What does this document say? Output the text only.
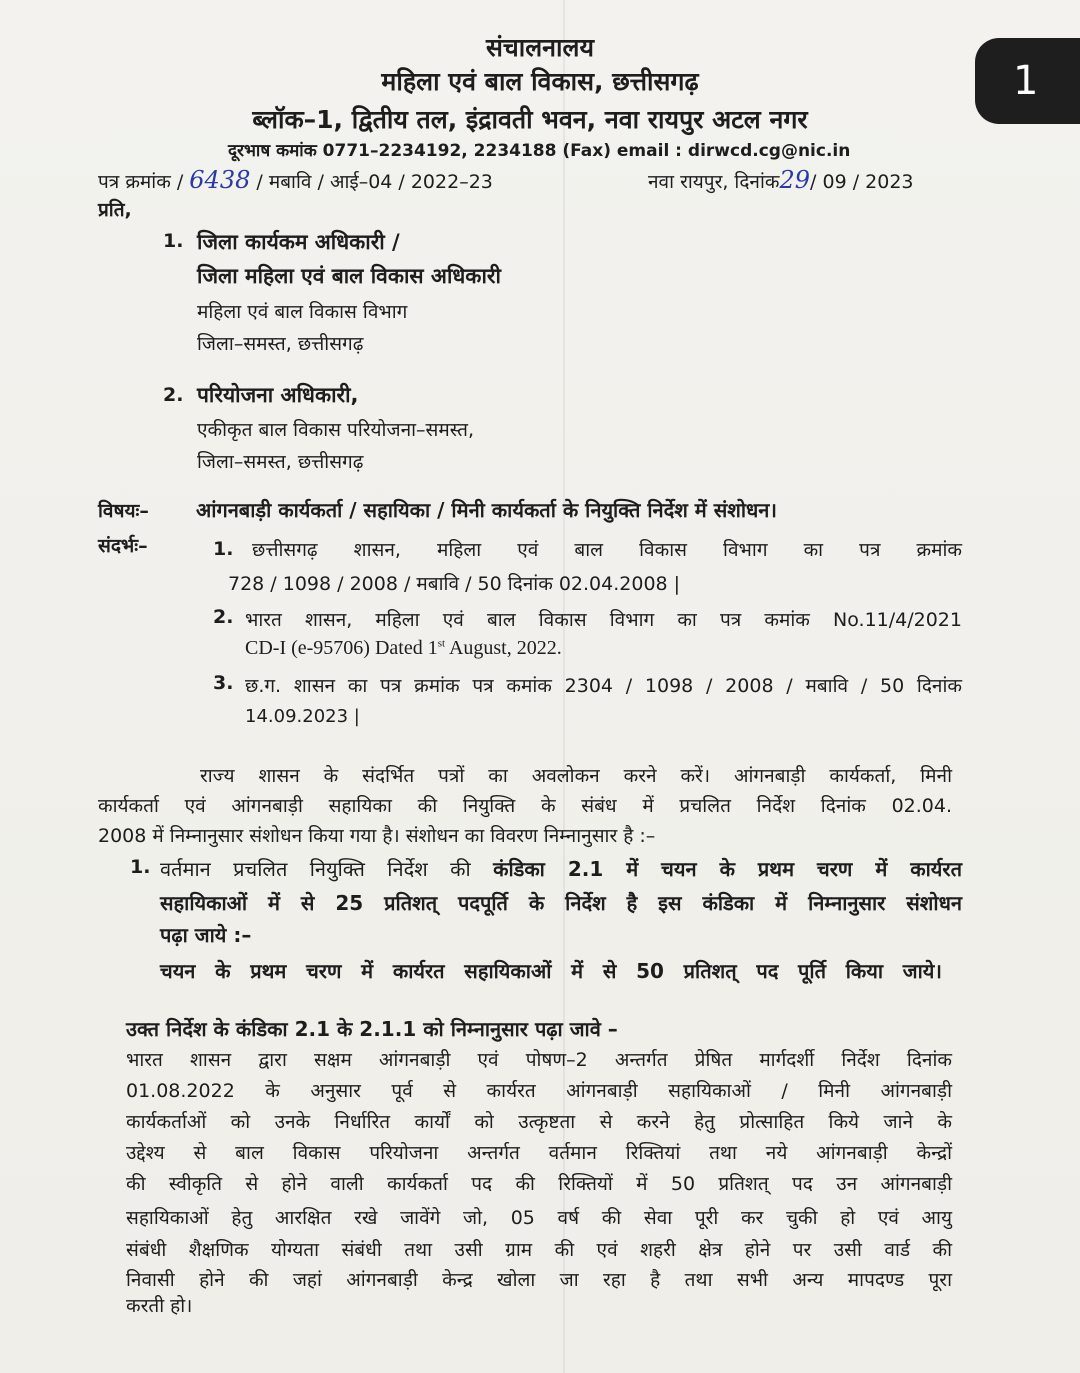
संचालनालय
महिला एवं बाल विकास, छत्तीसगढ़
ब्लॉक–1, द्वितीय तल, इंद्रावती भवन, नवा रायपुर अटल नगर
दूरभाष कमांक 0771–2234192, 2234188 (Fax) email : dirwcd.cg@nic.in
पत्र क्रमांक / 6438 / मबावि / आई–04 / 2022–23	नवा रायपुर, दिनांक29/ 09 / 2023
प्रति,
1. जिला कार्यकम अधिकारी /
जिला महिला एवं बाल विकास अधिकारी
महिला एवं बाल विकास विभाग
जिला–समस्त, छत्तीसगढ़
2. परियोजना अधिकारी,
एकीकृत बाल विकास परियोजना–समस्त,
जिला–समस्त, छत्तीसगढ़
विषयः– आंगनबाड़ी कार्यकर्ता / सहायिका / मिनी कार्यकर्ता के नियुक्ति निर्देश में संशोधन।
संदर्भः–	1. छत्तीसगढ़ शासन, महिला एवं बाल विकास विभाग का पत्र क्रमांक
728 / 1098 / 2008 / मबावि / 50 दिनांक 02.04.2008 |
2. भारत शासन, महिला एवं बाल विकास विभाग का पत्र कमांक No.11/4/2021
CD-I (e-95706) Dated 1st August, 2022.
3. छ.ग. शासन का पत्र क्रमांक पत्र कमांक 2304 / 1098 / 2008 / मबावि / 50 दिनांक
14.09.2023 |
राज्य शासन के संदर्भित पत्रों का अवलोकन करने करें। आंगनबाड़ी कार्यकर्ता, मिनी
कार्यकर्ता एवं आंगनबाड़ी सहायिका की नियुक्ति के संबंध में प्रचलित निर्देश दिनांक 02.04.
2008 में निम्नानुसार संशोधन किया गया है। संशोधन का विवरण निम्नानुसार है :–
1. वर्तमान प्रचलित नियुक्ति निर्देश की कंडिका 2.1 में चयन के प्रथम चरण में कार्यरत
सहायिकाओं में से 25 प्रतिशत् पदपूर्ति के निर्देश है इस कंडिका में निम्नानुसार संशोधन
पढ़ा जाये :–
चयन के प्रथम चरण में कार्यरत सहायिकाओं में से 50 प्रतिशत् पद पूर्ति किया जाये।
उक्त निर्देश के कंडिका 2.1 के 2.1.1 को निम्नानुसार पढ़ा जावे –
भारत शासन द्वारा सक्षम आंगनबाड़ी एवं पोषण–2 अन्तर्गत प्रेषित मार्गदर्शी निर्देश दिनांक
01.08.2022 के अनुसार पूर्व से कार्यरत आंगनबाड़ी सहायिकाओं / मिनी आंगनबाड़ी
कार्यकर्ताओं को उनके निर्धारित कार्यों को उत्कृष्टता से करने हेतु प्रोत्साहित किये जाने के
उद्देश्य से बाल विकास परियोजना अन्तर्गत वर्तमान रिक्तियां तथा नये आंगनबाड़ी केन्द्रों
की स्वीकृति से होने वाली कार्यकर्ता पद की रिक्तियों में 50 प्रतिशत् पद उन आंगनबाड़ी
सहायिकाओं हेतु आरक्षित रखे जावेंगे जो, 05 वर्ष की सेवा पूरी कर चुकी हो एवं आयु
संबंधी शैक्षणिक योग्यता संबंधी तथा उसी ग्राम की एवं शहरी क्षेत्र होने पर उसी वार्ड की
निवासी होने की जहां आंगनबाड़ी केन्द्र खोला जा रहा है तथा सभी अन्य मापदण्ड पूरा
करती हो।
1
